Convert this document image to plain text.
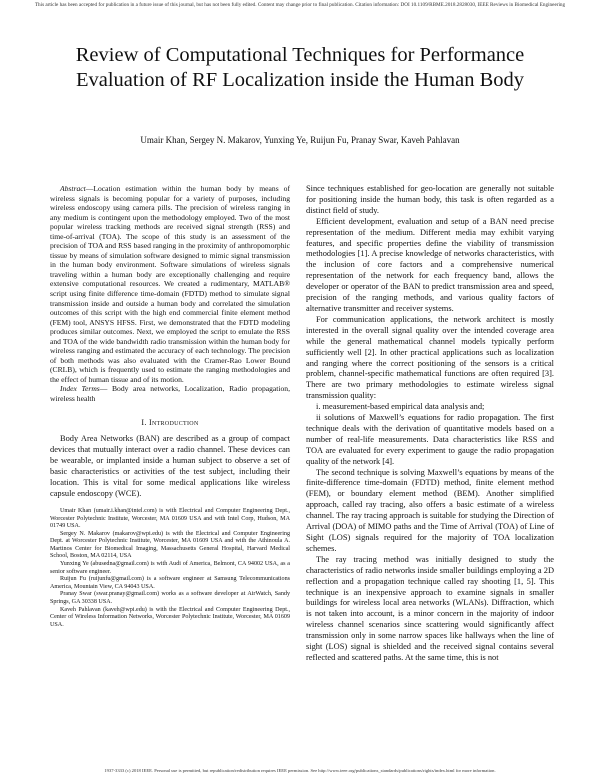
This article has been accepted for publication in a future issue of this journal, but has not been fully edited. Content may change prior to final publication. Citation information: DOI 10.1109/RBME.2018.2828030, IEEE Reviews in Biomedical Engineering
Review of Computational Techniques for Performance Evaluation of RF Localization inside the Human Body
Umair Khan, Sergey N. Makarov, Yunxing Ye, Ruijun Fu, Pranay Swar, Kaveh Pahlavan

Abstract—Location estimation within the human body by means of wireless signals is becoming popular for a variety of purposes, including wireless endoscopy using camera pills. The precision of wireless ranging in any medium is contingent upon the methodology employed. Two of the most popular wireless tracking methods are received signal strength (RSS) and time-of-arrival (TOA). The scope of this study is an assessment of the precision of TOA and RSS based ranging in the proximity of anthropomorphic tissue by means of simulation software designed to mimic signal transmission in the human body environment. Software simulations of wireless signals traveling within a human body are exceptionally challenging and require extensive computational resources. We created a rudimentary, MATLAB® script using finite difference time-domain (FDTD) method to simulate signal transmission inside and outside a human body and correlated the simulation outcomes of this script with the high end commercial finite element method (FEM) tool, ANSYS HFSS. First, we demonstrated that the FDTD modeling produces similar outcomes. Next, we employed the script to emulate the RSS and TOA of the wide bandwidth radio transmission within the human body for wireless ranging and estimated the accuracy of each technology. The precision of both methods was also evaluated with the Cramer-Rao Lower Bound (CRLB), which is frequently used to estimate the ranging methodologies and the effect of human tissue and of its motion.

Index Terms— Body area networks, Localization, Radio propagation, wireless health

I. Introduction

Body Area Networks (BAN) are described as a group of compact devices that mutually interact over a radio channel. These devices can be wearable, or implanted inside a human subject to observe a set of basic characteristics or activities of the test subject, including their location. This is vital for some medical applications like wireless capsule endoscopy (WCE).

Umair Khan (umair.i.khan@intel.com) is with Electrical and Computer Engineering Dept., Worcester Polytechnic Institute, Worcester, MA 01609 USA and with Intel Corp, Hudson, MA 01749 USA.

Sergey N. Makarov (makarov@wpi.edu) is with the Electrical and Computer Engineering Dept. at Worcester Polytechnic Institute, Worcester, MA 01609 USA and with the Athinoula A. Martinos Center for Biomedical Imaging, Massachusetts General Hospital, Harvard Medical School, Boston, MA 02114, USA

Yunxing Ye (abusedna@gmail.com) is with Audi of America, Belmont, CA 94002 USA, as a senior software engineer.

Ruijun Fu (ruijunfu@gmail.com) is a software engineer at Samsung Telecommunications America, Mountain View, CA 94043 USA.

Pranay Swar (swar.pranay@gmail.com) works as a software developer at AirWatch, Sandy Springs, GA 30338 USA.

Kaveh Pahlavan (kaveh@wpi.edu) is with the Electrical and Computer Engineering Dept., Center of Wireless Information Networks, Worcester Polytechnic Institute, Worcester, MA 01609 USA.

Since techniques established for geo-location are generally not suitable for positioning inside the human body, this task is often regarded as a distinct field of study.

Efficient development, evaluation and setup of a BAN need precise representation of the medium. Different media may exhibit varying features, and specific properties define the viability of transmission methodologies [1]. A precise knowledge of networks characteristics, with the inclusion of core factors and a comprehensive numerical representation of the network for each frequency band, allows the developer or operator of the BAN to predict transmission area and speed, precision of the ranging methods, and various quality factors of alternative transmitter and receiver systems.

For communication applications, the network architect is mostly interested in the overall signal quality over the intended coverage area while the general mathematical channel models typically perform sufficiently well [2]. In other practical applications such as localization and ranging where the correct positioning of the sensors is a critical problem, channel-specific mathematical functions are often required [3]. There are two primary methodologies to estimate wireless signal transmission quality:

i. measurement-based empirical data analysis and;

ii solutions of Maxwell’s equations for radio propagation. The first technique deals with the derivation of quantitative models based on a number of real-life measurements. Data characteristics like RSS and TOA are evaluated for every experiment to gauge the radio propagation quality of the network [4].

The second technique is solving Maxwell’s equations by means of the finite-difference time-domain (FDTD) method, finite element method (FEM), or boundary element method (BEM). Another simplified approach, called ray tracing, also offers a basic estimate of a wireless channel. The ray tracing approach is suitable for studying the Direction of Arrival (DOA) of MIMO paths and the Time of Arrival (TOA) of Line of Sight (LOS) signals required for the majority of TOA localization schemes.

The ray tracing method was initially designed to study the characteristics of radio networks inside smaller buildings employing a 2D reflection and a propagation technique called ray shooting [1, 5]. This technique is an inexpensive approach to examine signals in smaller buildings for wireless local area networks (WLANs). Diffraction, which is not taken into account, is a minor concern in the majority of indoor wireless channel scenarios since scattering would significantly affect transmission only in some narrow spaces like hallways when the line of sight (LOS) signal is shielded and the received signal contains several reflected and scattered paths. At the same time, this is not

1937-3333 (c) 2018 IEEE. Personal use is permitted, but republication/redistribution requires IEEE permission. See http://www.ieee.org/publications_standards/publications/rights/index.html for more information.
